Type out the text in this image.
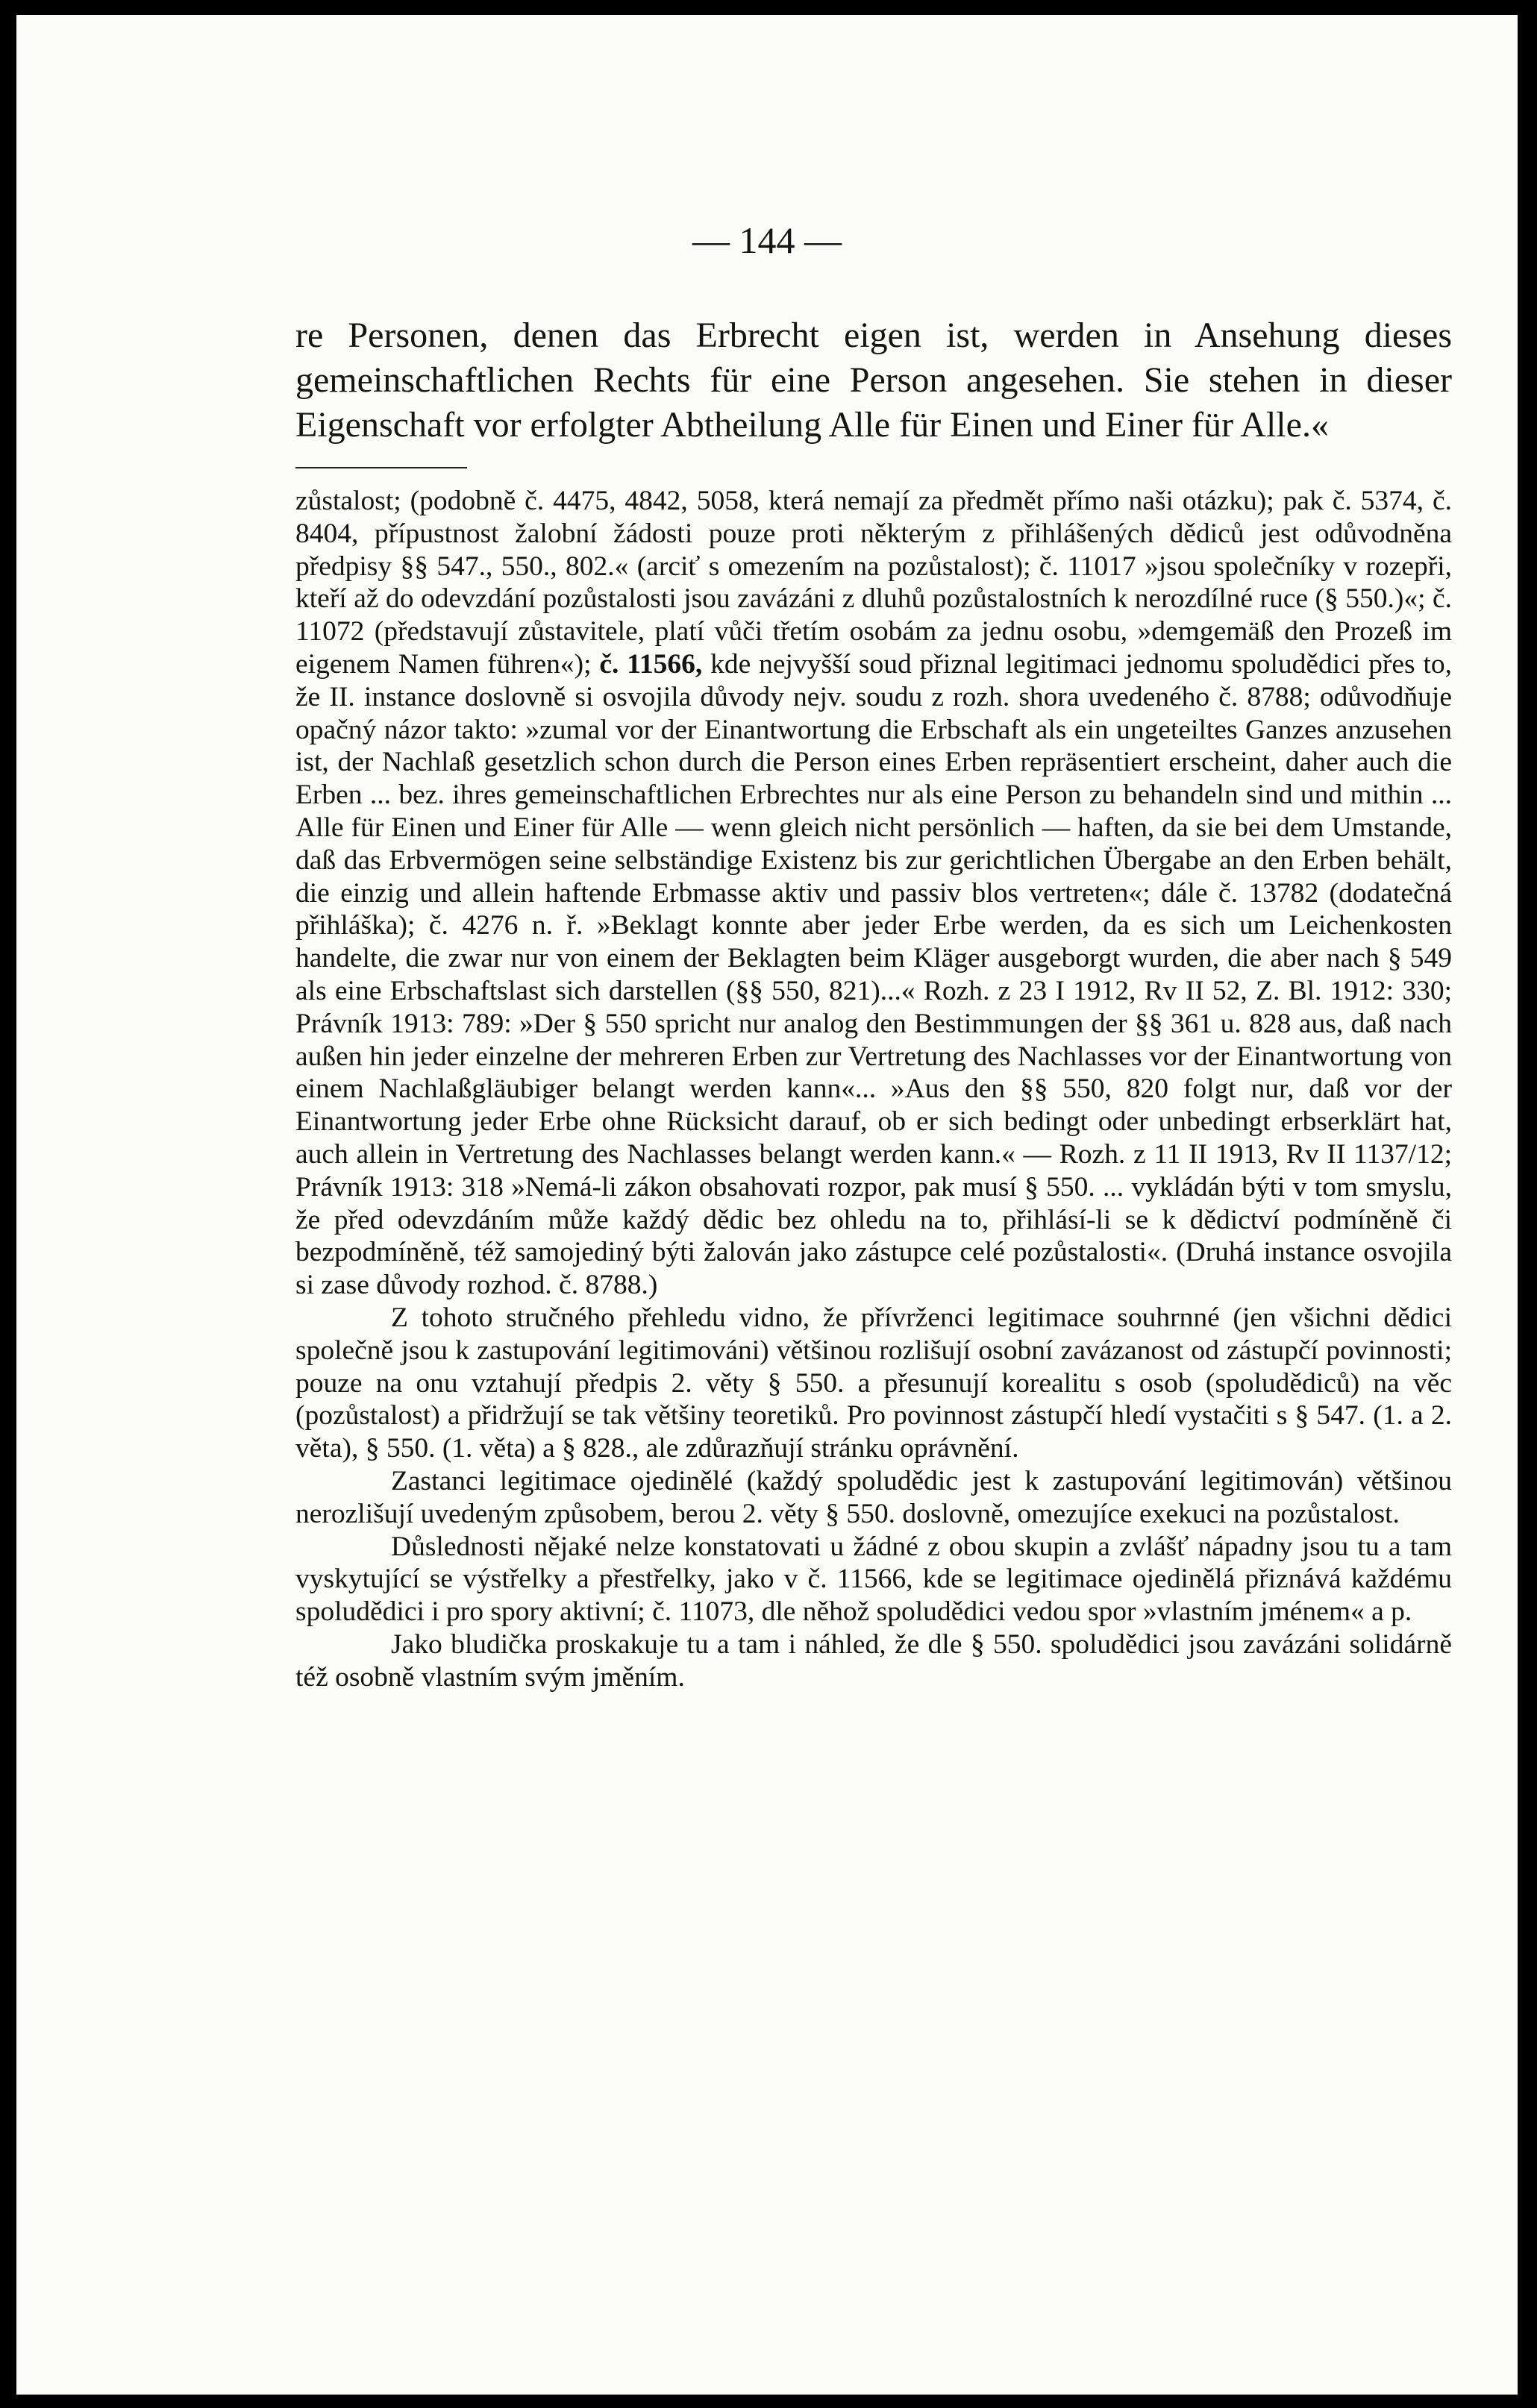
— 144 —

re Personen, denen das Erbrecht eigen ist, werden in Ansehung dieses gemeinschaftlichen Rechts für eine Person angesehen. Sie stehen in dieser Eigenschaft vor erfolgter Abtheilung Alle für Einen und Einer für Alle.«

zůstalost; (podobně č. 4475, 4842, 5058, která nemají za předmět přímo naši otázku); pak č. 5374, č. 8404, přípustnost žalobní žádosti pouze proti některým z přihlášených dědiců jest odůvodněna předpisy §§ 547., 550., 802.« (arciť s omezením na pozůstalost); č. 11017 »jsou společníky v rozepři, kteří až do odevzdání pozůstalosti jsou zavázáni z dluhů pozůstalostních k nerozdílné ruce (§ 550.)«; č. 11072 (představují zůstavitele, platí vůči třetím osobám za jednu osobu, »demgemäß den Prozeß im eigenem Namen führen«); č. 11566, kde nejvyšší soud přiznal legitimaci jednomu spoludědici přes to, že II. instance doslovně si osvojila důvody nejv. soudu z rozh. shora uvedeného č. 8788; odůvodňuje opačný názor takto: »zumal vor der Einantwortung die Erbschaft als ein ungeteiltes Ganzes anzusehen ist, der Nachlaß gesetzlich schon durch die Person eines Erben repräsentiert erscheint, daher auch die Erben ... bez. ihres gemeinschaftlichen Erbrechtes nur als eine Person zu behandeln sind und mithin ... Alle für Einen und Einer für Alle — wenn gleich nicht persönlich — haften, da sie bei dem Umstande, daß das Erbvermögen seine selbständige Existenz bis zur gerichtlichen Übergabe an den Erben behält, die einzig und allein haftende Erbmasse aktiv und passiv blos vertreten«; dále č. 13782 (dodatečná přihláška); č. 4276 n. ř. »Beklagt konnte aber jeder Erbe werden, da es sich um Leichenkosten handelte, die zwar nur von einem der Beklagten beim Kläger ausgeborgt wurden, die aber nach § 549 als eine Erbschaftslast sich darstellen (§§ 550, 821)...« Rozh. z 23 I 1912, Rv II 52, Z. Bl. 1912: 330; Právník 1913: 789: »Der § 550 spricht nur analog den Bestimmungen der §§ 361 u. 828 aus, daß nach außen hin jeder einzelne der mehreren Erben zur Vertretung des Nachlasses vor der Einantwortung von einem Nachlaßgläubiger belangt werden kann«... »Aus den §§ 550, 820 folgt nur, daß vor der Einantwortung jeder Erbe ohne Rücksicht darauf, ob er sich bedingt oder unbedingt erbserklärt hat, auch allein in Vertretung des Nachlasses belangt werden kann.« — Rozh. z 11 II 1913, Rv II 1137/12; Právník 1913: 318 »Nemá-li zákon obsahovati rozpor, pak musí § 550. ... vykládán býti v tom smyslu, že před odevzdáním může každý dědic bez ohledu na to, přihlásí-li se k dědictví podmíněně či bezpodmíněně, též samojediný býti žalován jako zástupce celé pozůstalosti«. (Druhá instance osvojila si zase důvody rozhod. č. 8788.)

Z tohoto stručného přehledu vidno, že přívrženci legitimace souhrnné (jen všichni dědici společně jsou k zastupování legitimováni) většinou rozlišují osobní zavázanost od zástupčí povinnosti; pouze na onu vztahují předpis 2. věty § 550. a přesunují korealitu s osob (spoludědiců) na věc (pozůstalost) a přidržují se tak většiny teoretiků. Pro povinnost zástupčí hledí vystačiti s § 547. (1. a 2. věta), § 550. (1. věta) a § 828., ale zdůrazňují stránku oprávnění.

Zastanci legitimace ojedinělé (každý spoludědic jest k zastupování legitimován) většinou nerozlišují uvedeným způsobem, berou 2. věty § 550. doslovně, omezujíce exekuci na pozůstalost.

Důslednosti nějaké nelze konstatovati u žádné z obou skupin a zvlášť nápadny jsou tu a tam vyskytující se výstřelky a přestřelky, jako v č. 11566, kde se legitimace ojedinělá přiznává každému spoludědici i pro spory aktivní; č. 11073, dle něhož spoludědici vedou spor »vlastním jménem« a p.

Jako bludička proskakuje tu a tam i náhled, že dle § 550. spoludědici jsou zavázáni solidárně též osobně vlastním svým jměním.
